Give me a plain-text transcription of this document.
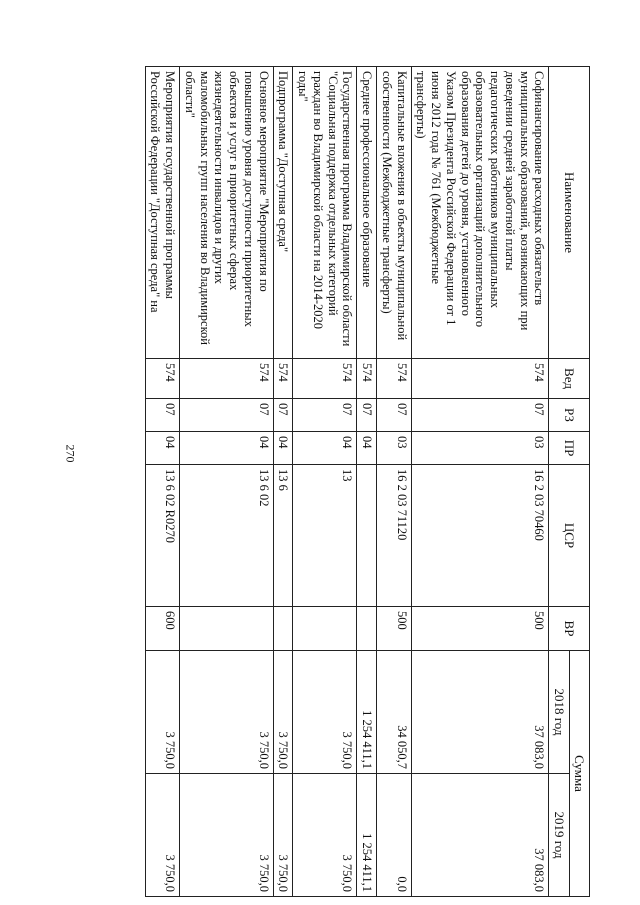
270
Наименование	Вед	РЗ	ПР	ЦСР	ВР	Сумма	
						2018 год	2019 год
Софинансирование расходных обязательств муниципальных образований, возникающих при доведении средней заработной платы педагогических работников муниципальных образовательных организаций дополнительного образования детей до уровня, установленного Указом Президента Российской Федерации от 1 июня 2012 года № 761 (Межбюджетные трансферты)	574	07	03	16 2 03 70460	500	37 083,0	37 083,0
Капитальные вложения в объекты муниципальной собственности (Межбюджетные трансферты)	574	07	03	16 2 03 71120	500	34 050,7	0,0
Среднее профессиональное образование	574	07	04			1 254 411,1	1 254 411,1
Государственная программа Владимирской области "Социальная поддержка отдельных категорий граждан во Владимирской области на 2014-2020 годы"	574	07	04	13		3 750,0	3 750,0
Подпрограмма "Доступная среда"	574	07	04	13 6		3 750,0	3 750,0
Основное мероприятие "Мероприятия по повышению уровня доступности приоритетных объектов и услуг в приоритетных сферах жизнедеятельности инвалидов и других маломобильных групп населения во Владимирской области"	574	07	04	13 6 02		3 750,0	3 750,0
Мероприятия государственной программы Российской Федерации "Доступная среда" на	574	07	04	13 6 02 R0270	600	3 750,0	3 750,0
